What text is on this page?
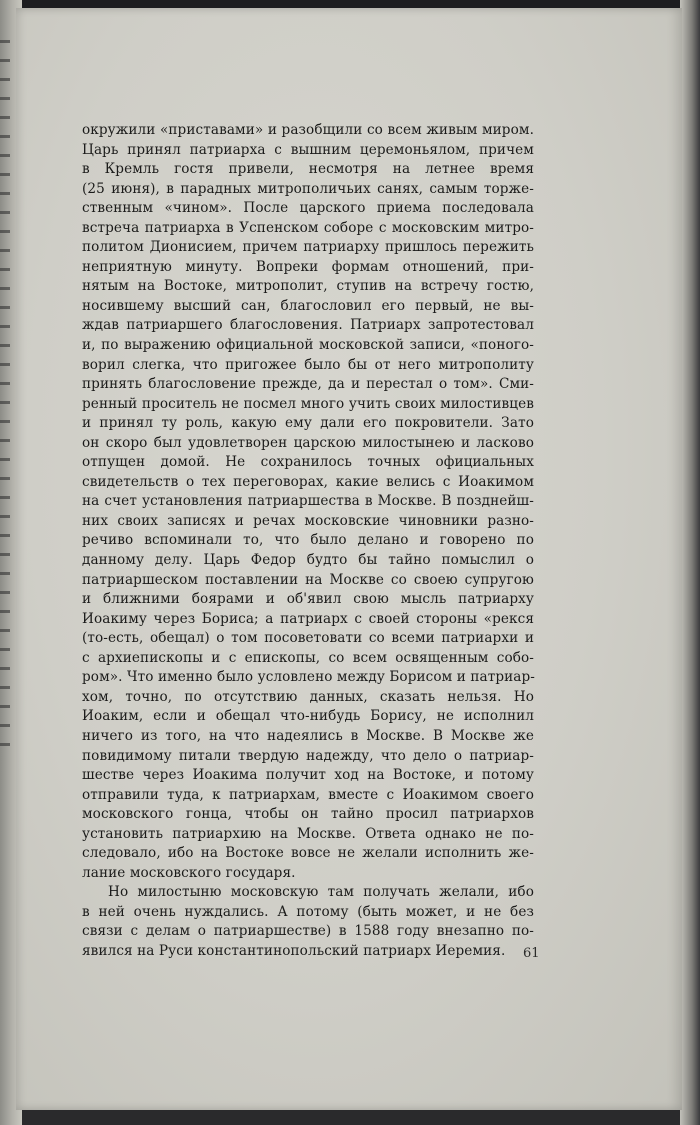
окружили «приставами» и разобщили со всем живым миром.
Царь принял патриарха с вышним церемоньялом, причем
в Кремль гостя привели, несмотря на летнее время
(25 июня), в парадных митрополичьих санях, самым торже-
ственным «чином». После царского приема последовала
встреча патриарха в Успенском соборе с московским митро-
политом Дионисием, причем патриарху пришлось пережить
неприятную минуту. Вопреки формам отношений, при-
нятым на Востоке, митрополит, ступив на встречу гостю,
носившему высший сан, благословил его первый, не вы-
ждав патриаршего благословения. Патриарх запротестовал
и, по выражению официальной московской записи, «поного-
ворил слегка, что пригожее было бы от него митрополиту
принять благословение прежде, да и перестал о том». Сми-
ренный проситель не посмел много учить своих милостивцев
и принял ту роль, какую ему дали его покровители. Зато
он скоро был удовлетворен царскою милостынею и ласково
отпущен домой. Не сохранилось точных официальных
свидетельств о тех переговорах, какие велись с Иоакимом
на счет установления патриаршества в Москве. В позднейш-
них своих записях и речах московские чиновники разно-
речиво вспоминали то, что было делано и говорено по
данному делу. Царь Федор будто бы тайно помыслил о
патриаршеском поставлении на Москве со своею супругою
и ближними боярами и об'явил свою мысль патриарху
Иоакиму через Бориса; а патриарх с своей стороны «рекся
(то-есть, обещал) о том посоветовати со всеми патриархи и
с архиепископы и с епископы, со всем освященным собо-
ром». Что именно было условлено между Борисом и патриар-
хом, точно, по отсутствию данных, сказать нельзя. Но
Иоаким, если и обещал что-нибудь Борису, не исполнил
ничего из того, на что надеялись в Москве. В Москве же
повидимому питали твердую надежду, что дело о патриар-
шестве через Иоакима получит ход на Востоке, и потому
отправили туда, к патриархам, вместе с Иоакимом своего
московского гонца, чтобы он тайно просил патриархов
установить патриархию на Москве. Ответа однако не по-
следовало, ибо на Востоке вовсе не желали исполнить же-
лание московского государя.
Но милостыню московскую там получать желали, ибо
в ней очень нуждались. А потому (быть может, и не без
связи с делам о патриаршестве) в 1588 году внезапно по-
явился на Руси константинопольский патриарх Иеремия.	61
